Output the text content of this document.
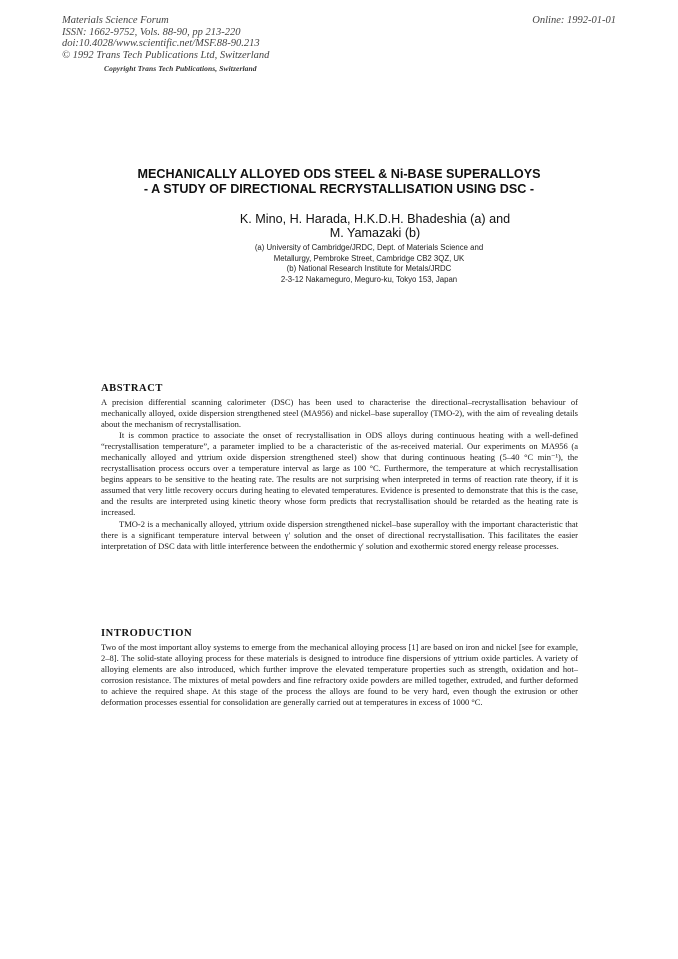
Materials Science Forum
ISSN: 1662-9752, Vols. 88-90, pp 213-220
doi:10.4028/www.scientific.net/MSF.88-90.213
© 1992 Trans Tech Publications Ltd, Switzerland
Online: 1992-01-01
Copyright Trans Tech Publications, Switzerland
MECHANICALLY ALLOYED ODS STEEL & Ni-BASE SUPERALLOYS
- A STUDY OF DIRECTIONAL RECRYSTALLISATION USING DSC -
K. Mino, H. Harada, H.K.D.H. Bhadeshia (a) and
M. Yamazaki (b)
(a) University of Cambridge/JRDC, Dept. of Materials Science and
Metallurgy, Pembroke Street, Cambridge CB2 3QZ, UK
(b) National Research Institute for Metals/JRDC
2-3-12 Nakameguro, Meguro-ku, Tokyo 153, Japan
ABSTRACT

A precision differential scanning calorimeter (DSC) has been used to characterise the directional–recrystallisation behaviour of mechanically alloyed, oxide dispersion strengthened steel (MA956) and nickel–base superalloy (TMO-2), with the aim of revealing details about the mechanism of recrystallisation.

It is common practice to associate the onset of recrystallisation in ODS alloys during continuous heating with a well-defined “recrystallisation temperature”, a parameter implied to be a characteristic of the as-received material. Our experiments on MA956 (a mechanically alloyed and yttrium oxide dispersion strengthened steel) show that during continuous heating (5–40 °C min⁻¹), the recrystallisation process occurs over a temperature interval as large as 100 °C. Furthermore, the temperature at which recrystallisation begins appears to be sensitive to the heating rate. The results are not surprising when interpreted in terms of reaction rate theory, if it is assumed that very little recovery occurs during heating to elevated temperatures. Evidence is presented to demonstrate that this is the case, and the results are interpreted using kinetic theory whose form predicts that recrystallisation should be retarded as the heating rate is increased.

TMO-2 is a mechanically alloyed, yttrium oxide dispersion strengthened nickel–base superalloy with the important characteristic that there is a significant temperature interval between γ′ solution and the onset of directional recrystallisation. This facilitates the easier interpretation of DSC data with little interference between the endothermic γ′ solution and exothermic stored energy release processes.

INTRODUCTION

Two of the most important alloy systems to emerge from the mechanical alloying process [1] are based on iron and nickel [see for example, 2–8]. The solid-state alloying process for these materials is designed to introduce fine dispersions of yttrium oxide particles. A variety of alloying elements are also introduced, which further improve the elevated temperature properties such as strength, oxidation and hot–corrosion resistance. The mixtures of metal powders and fine refractory oxide powders are milled together, extruded, and further deformed to achieve the required shape. At this stage of the process the alloys are found to be very hard, even though the extrusion or other deformation processes essential for consolidation are generally carried out at temperatures in excess of 1000 °C.
